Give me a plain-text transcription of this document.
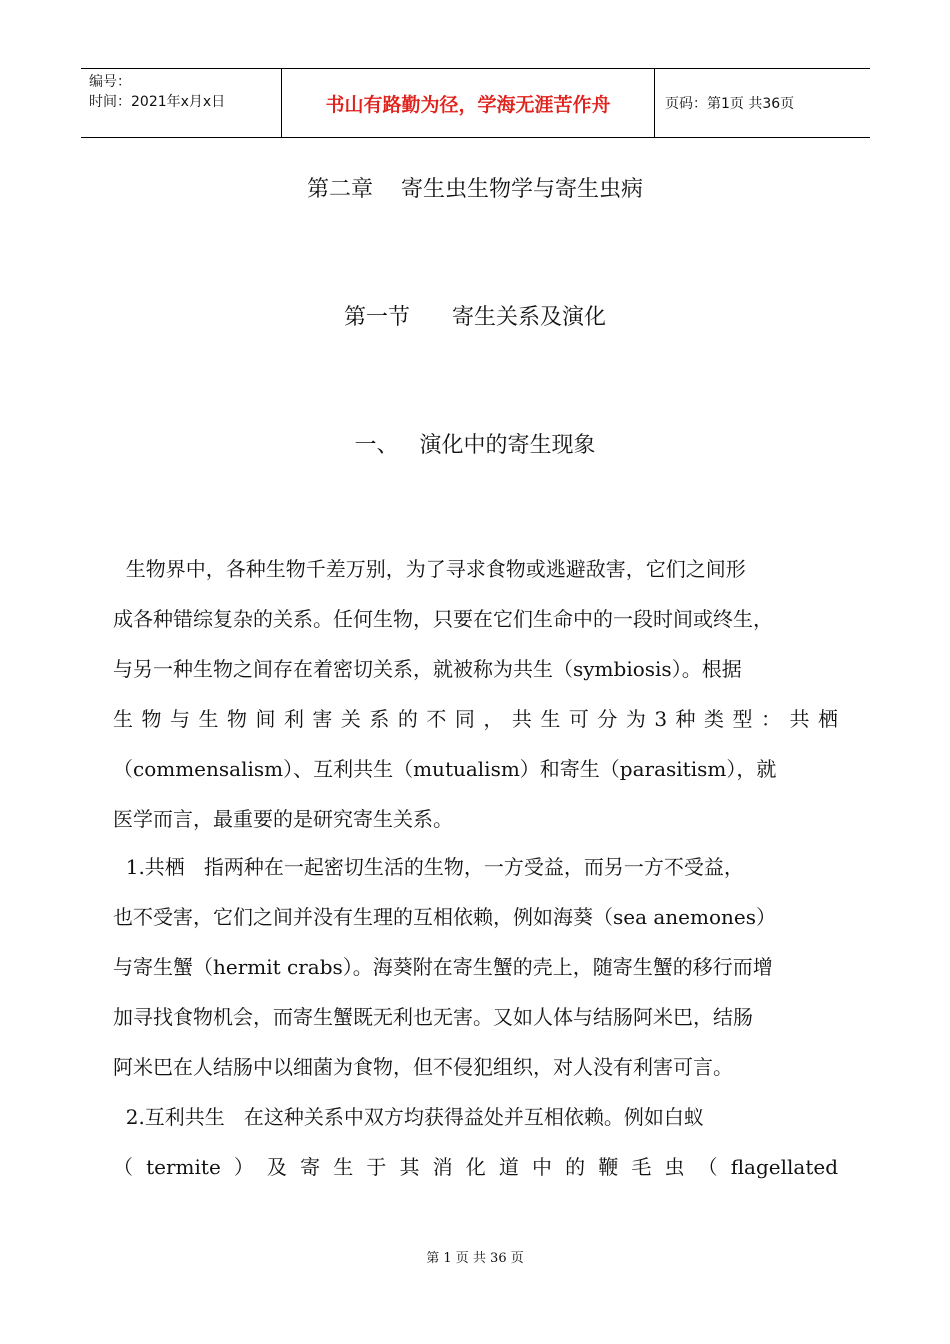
编号：
时间：2021年x月x日	书山有路勤为径，学海无涯苦作舟	页码：第1页 共36页
第二章    寄生虫生物学与寄生虫病
第一节      寄生关系及演化
一、   演化中的寄生现象
生物界中，各种生物千差万别，为了寻求食物或逃避敌害，它们之间形
成各种错综复杂的关系。任何生物，只要在它们生命中的一段时间或终生，
与另一种生物之间存在着密切关系，就被称为共生（symbiosis）。根据
生物与生物间利害关系的不同，共生可分为3种类型：共栖
（commensalism）、互利共生（mutualism）和寄生（parasitism），就
医学而言，最重要的是研究寄生关系。
1.共栖   指两种在一起密切生活的生物，一方受益，而另一方不受益，
也不受害，它们之间并没有生理的互相依赖，例如海葵（sea anemones）
与寄生蟹（hermit crabs）。海葵附在寄生蟹的壳上，随寄生蟹的移行而增
加寻找食物机会，而寄生蟹既无利也无害。又如人体与结肠阿米巴，结肠
阿米巴在人结肠中以细菌为食物，但不侵犯组织，对人没有利害可言。
2.互利共生   在这种关系中双方均获得益处并互相依赖。例如白蚁
（termite）及寄生于其消化道中的鞭毛虫（flagellated
第 1 页 共 36 页
